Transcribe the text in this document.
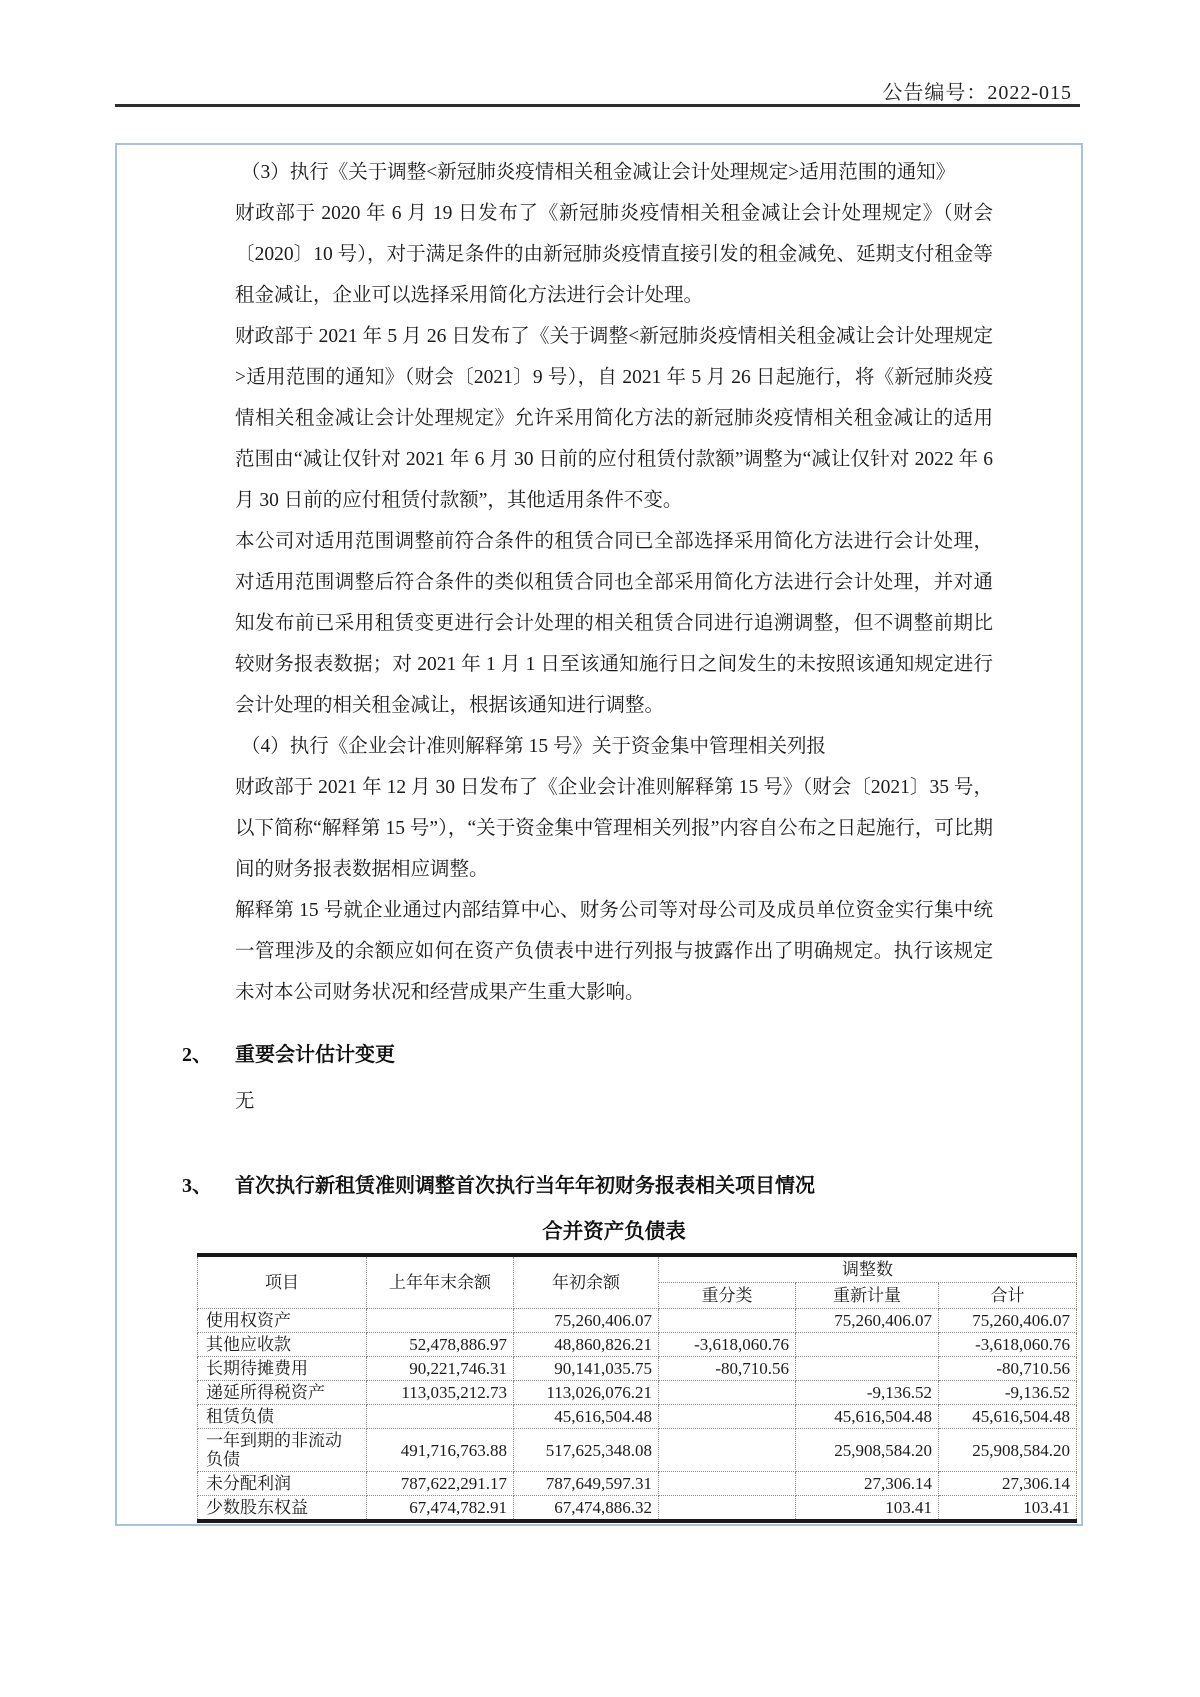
公告编号：2022-015

（3）执行《关于调整<新冠肺炎疫情相关租金减让会计处理规定>适用范围的通知》

财政部于 2020 年 6 月 19 日发布了《新冠肺炎疫情相关租金减让会计处理规定》（财会〔2020〕10 号），对于满足条件的由新冠肺炎疫情直接引发的租金减免、延期支付租金等租金减让，企业可以选择采用简化方法进行会计处理。

财政部于 2021 年 5 月 26 日发布了《关于调整<新冠肺炎疫情相关租金减让会计处理规定>适用范围的通知》（财会〔2021〕9 号），自 2021 年 5 月 26 日起施行，将《新冠肺炎疫情相关租金减让会计处理规定》允许采用简化方法的新冠肺炎疫情相关租金减让的适用范围由“减让仅针对 2021 年 6 月 30 日前的应付租赁付款额”调整为“减让仅针对 2022 年 6 月 30 日前的应付租赁付款额”，其他适用条件不变。

本公司对适用范围调整前符合条件的租赁合同已全部选择采用简化方法进行会计处理，对适用范围调整后符合条件的类似租赁合同也全部采用简化方法进行会计处理，并对通知发布前已采用租赁变更进行会计处理的相关租赁合同进行追溯调整，但不调整前期比较财务报表数据；对 2021 年 1 月 1 日至该通知施行日之间发生的未按照该通知规定进行会计处理的相关租金减让，根据该通知进行调整。

（4）执行《企业会计准则解释第 15 号》关于资金集中管理相关列报

财政部于 2021 年 12 月 30 日发布了《企业会计准则解释第 15 号》（财会〔2021〕35 号，以下简称“解释第 15 号”），“关于资金集中管理相关列报”内容自公布之日起施行，可比期间的财务报表数据相应调整。

解释第 15 号就企业通过内部结算中心、财务公司等对母公司及成员单位资金实行集中统一管理涉及的余额应如何在资产负债表中进行列报与披露作出了明确规定。执行该规定未对本公司财务状况和经营成果产生重大影响。

2、 重要会计估计变更

无

3、 首次执行新租赁准则调整首次执行当年年初财务报表相关项目情况
合并资产负债表
项目	上年年末余额	年初余额	调整数		
			重分类	重新计量	合计
使用权资产		75,260,406.07		75,260,406.07	75,260,406.07
其他应收款	52,478,886.97	48,860,826.21	-3,618,060.76		-3,618,060.76
长期待摊费用	90,221,746.31	90,141,035.75	-80,710.56		-80,710.56
递延所得税资产	113,035,212.73	113,026,076.21		-9,136.52	-9,136.52
租赁负债		45,616,504.48		45,616,504.48	45,616,504.48
一年到期的非流动负债	491,716,763.88	517,625,348.08		25,908,584.20	25,908,584.20
未分配利润	787,622,291.17	787,649,597.31		27,306.14	27,306.14
少数股东权益	67,474,782.91	67,474,886.32		103.41	103.41
